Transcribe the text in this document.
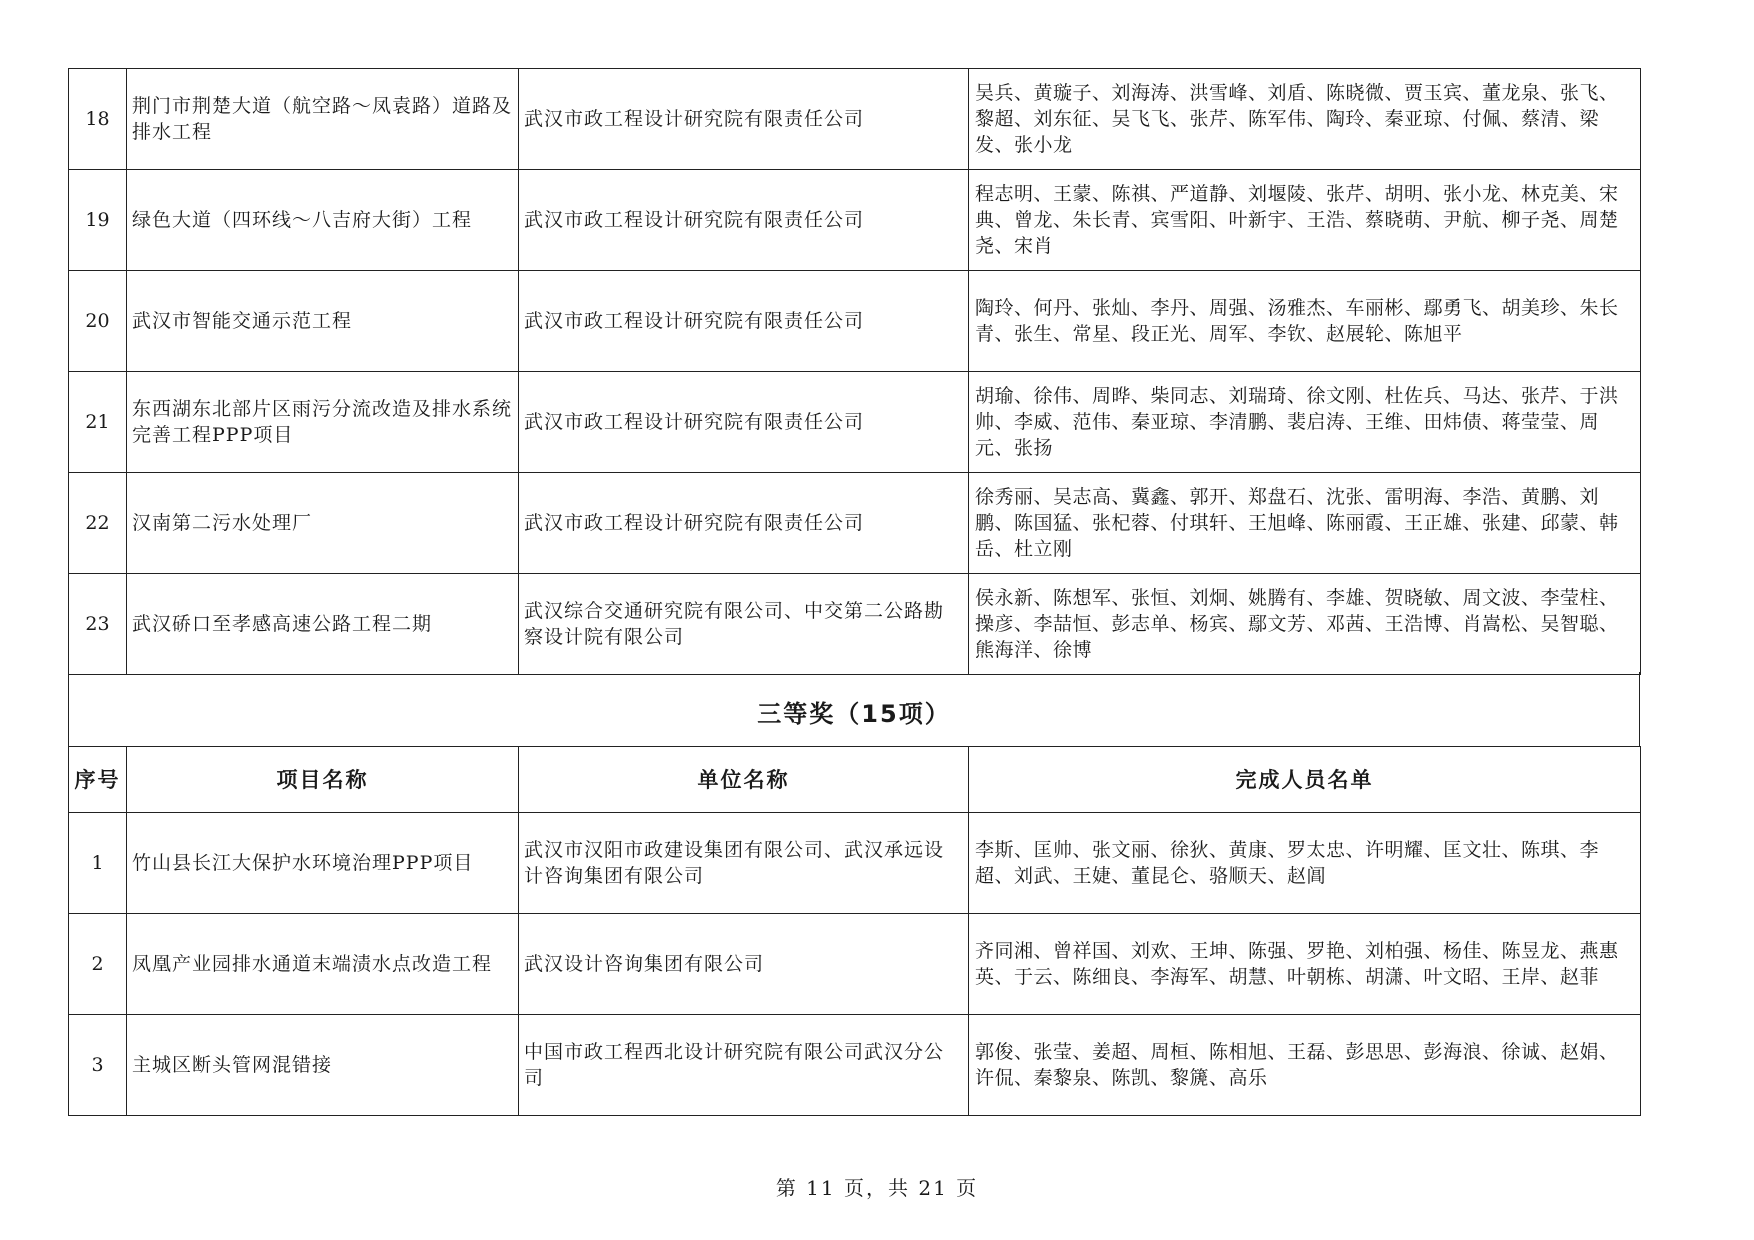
18	荆门市荆楚大道（航空路～凤袁路）道路及排水工程	武汉市政工程设计研究院有限责任公司	吴兵、黄璇子、刘海涛、洪雪峰、刘盾、陈晓微、贾玉宾、董龙泉、张飞、黎超、刘东征、吴飞飞、张芹、陈军伟、陶玲、秦亚琼、付佩、蔡清、梁发、张小龙
19	绿色大道（四环线～八吉府大街）工程	武汉市政工程设计研究院有限责任公司	程志明、王蒙、陈祺、严道静、刘堰陵、张芹、胡明、张小龙、林克美、宋典、曾龙、朱长青、宾雪阳、叶新宇、王浩、蔡晓萌、尹航、柳子尧、周楚尧、宋肖
20	武汉市智能交通示范工程	武汉市政工程设计研究院有限责任公司	陶玲、何丹、张灿、李丹、周强、汤雅杰、车丽彬、鄢勇飞、胡美珍、朱长青、张生、常星、段正光、周军、李钦、赵展轮、陈旭平
21	东西湖东北部片区雨污分流改造及排水系统完善工程PPP项目	武汉市政工程设计研究院有限责任公司	胡瑜、徐伟、周晔、柴同志、刘瑞琦、徐文刚、杜佐兵、马达、张芹、于洪帅、李威、范伟、秦亚琼、李清鹏、裴启涛、王维、田炜债、蒋莹莹、周元、张扬
22	汉南第二污水处理厂	武汉市政工程设计研究院有限责任公司	徐秀丽、吴志高、冀鑫、郭开、郑盘石、沈张、雷明海、李浩、黄鹏、刘鹏、陈国猛、张杞蓉、付琪轩、王旭峰、陈丽霞、王正雄、张建、邱蒙、韩岳、杜立刚
23	武汉硚口至孝感高速公路工程二期	武汉综合交通研究院有限公司、中交第二公路勘察设计院有限公司	侯永新、陈想军、张恒、刘炯、姚腾有、李雄、贺晓敏、周文波、李莹柱、操彦、李喆恒、彭志单、杨宾、鄢文芳、邓茜、王浩博、肖嵩松、吴智聪、熊海洋、徐博
三等奖（15项）
序号	项目名称	单位名称	完成人员名单
1	竹山县长江大保护水环境治理PPP项目	武汉市汉阳市政建设集团有限公司、武汉承远设计咨询集团有限公司	李斯、匡帅、张文丽、徐狄、黄康、罗太忠、许明耀、匡文壮、陈琪、李超、刘武、王婕、董昆仑、骆顺天、赵阊
2	凤凰产业园排水通道末端渍水点改造工程	武汉设计咨询集团有限公司	齐同湘、曾祥国、刘欢、王坤、陈强、罗艳、刘柏强、杨佳、陈昱龙、燕惠英、于云、陈细良、李海军、胡慧、叶朝栋、胡潇、叶文昭、王岸、赵菲
3	主城区断头管网混错接	中国市政工程西北设计研究院有限公司武汉分公司	郭俊、张莹、姜超、周桓、陈相旭、王磊、彭思思、彭海浪、徐诚、赵娟、许侃、秦黎泉、陈凯、黎篪、高乐
第 11 页，共 21 页
